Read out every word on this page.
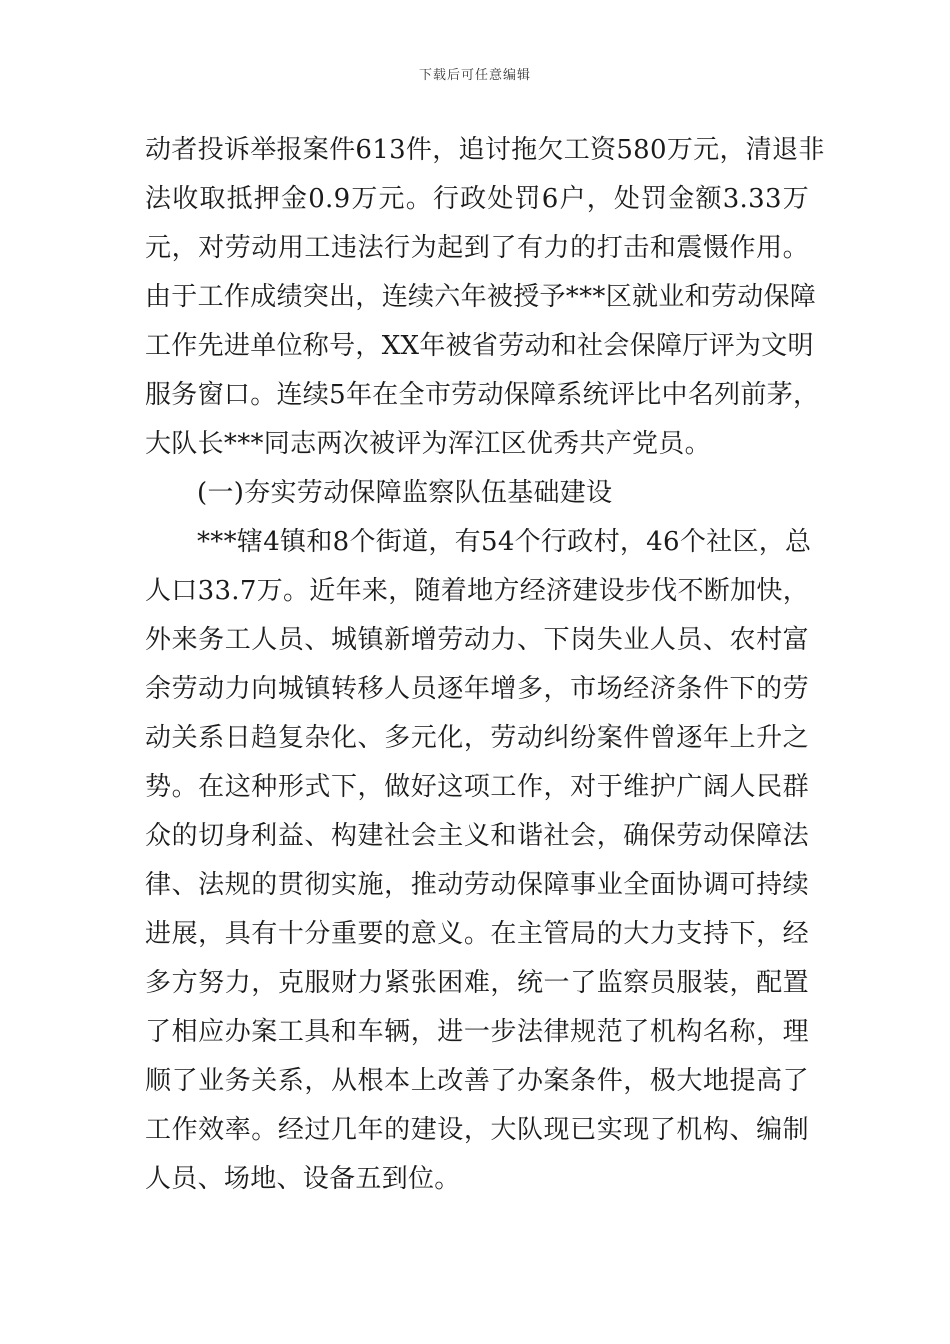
下载后可任意编辑
动者投诉举报案件613件，追讨拖欠工资580万元，清退非
法收取抵押金0.9万元。行政处罚6户，处罚金额3.33万
元，对劳动用工违法行为起到了有力的打击和震慑作用。
由于工作成绩突出，连续六年被授予***区就业和劳动保障
工作先进单位称号，XX年被省劳动和社会保障厅评为文明
服务窗口。连续5年在全市劳动保障系统评比中名列前茅，
大队长***同志两次被评为浑江区优秀共产党员。
(一)夯实劳动保障监察队伍基础建设
***辖4镇和8个街道，有54个行政村，46个社区，总
人口33.7万。近年来，随着地方经济建设步伐不断加快，
外来务工人员、城镇新增劳动力、下岗失业人员、农村富
余劳动力向城镇转移人员逐年增多，市场经济条件下的劳
动关系日趋复杂化、多元化，劳动纠纷案件曾逐年上升之
势。在这种形式下，做好这项工作，对于维护广阔人民群
众的切身利益、构建社会主义和谐社会，确保劳动保障法
律、法规的贯彻实施，推动劳动保障事业全面协调可持续
进展，具有十分重要的意义。在主管局的大力支持下，经
多方努力，克服财力紧张困难，统一了监察员服装，配置
了相应办案工具和车辆，进一步法律规范了机构名称，理
顺了业务关系，从根本上改善了办案条件，极大地提高了
工作效率。经过几年的建设，大队现已实现了机构、编制
人员、场地、设备五到位。
